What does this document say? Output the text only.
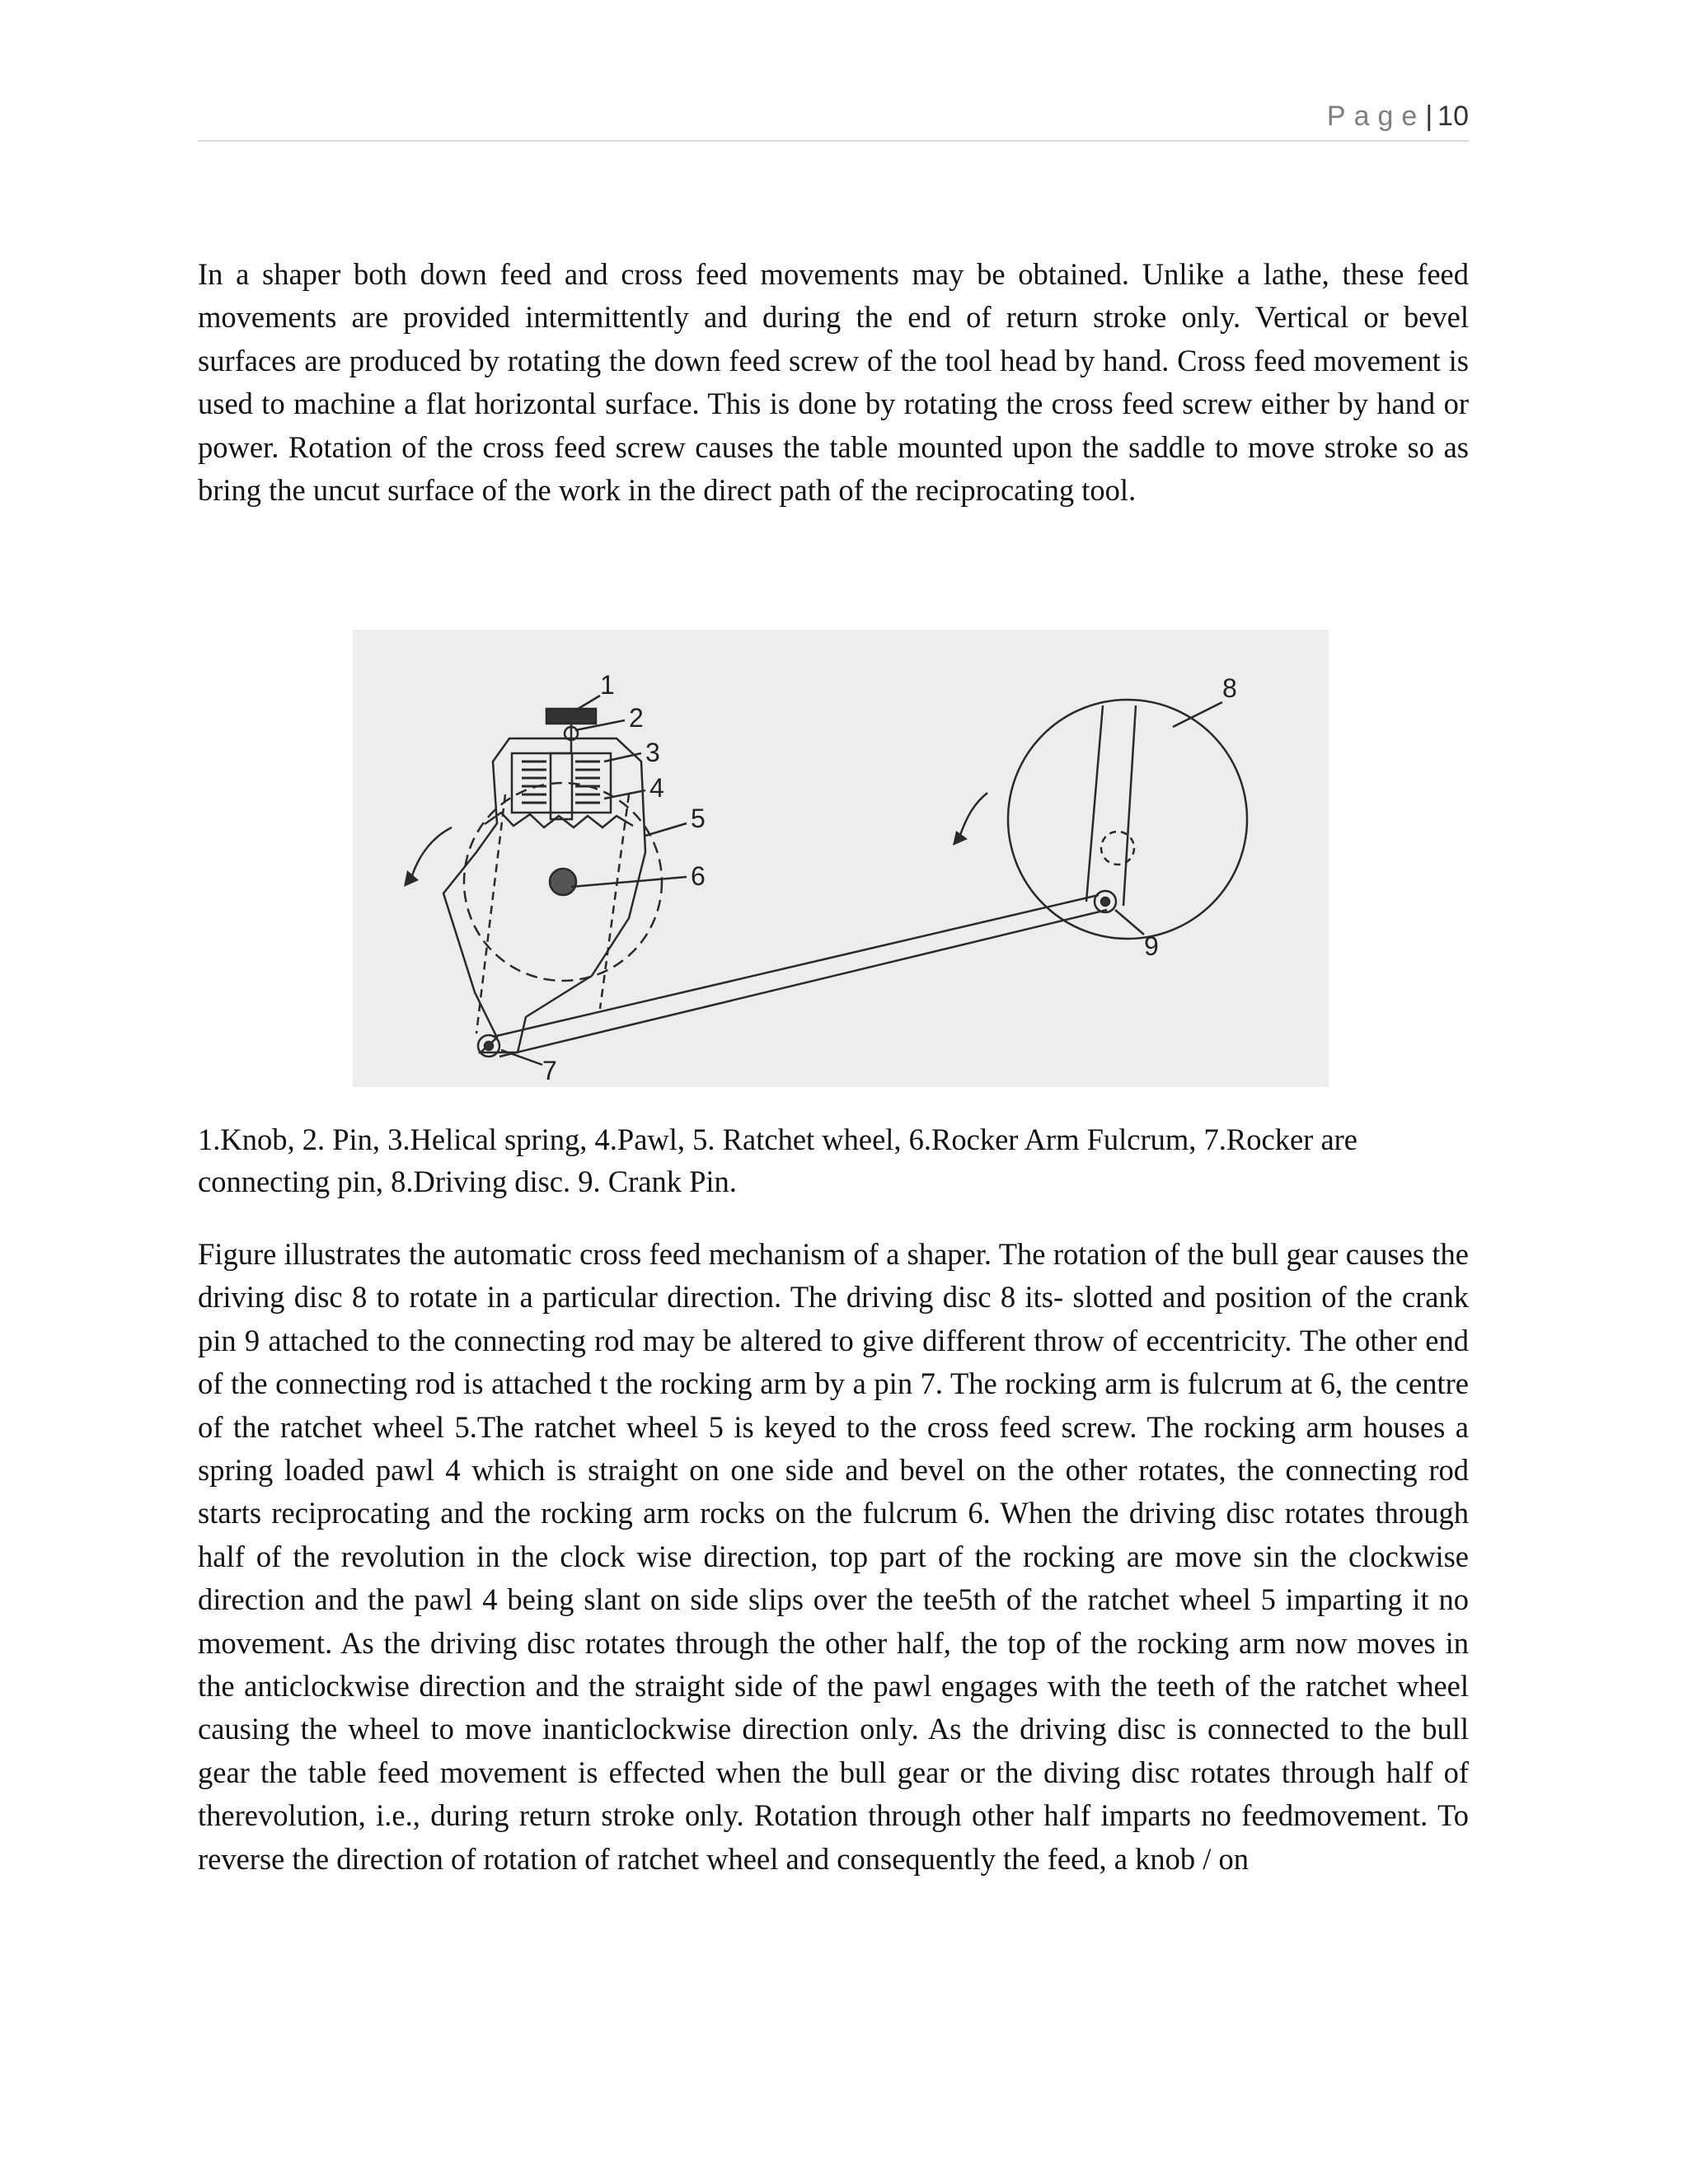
Page| 10

In a shaper both down feed and cross feed movements may be obtained. Unlike a lathe, these feed movements are provided intermittently and during the end of return stroke only. Vertical or bevel surfaces are produced by rotating the down feed screw of the tool head by hand. Cross feed movement is used to machine a flat horizontal surface. This is done by rotating the cross feed screw either by hand or power. Rotation of the cross feed screw causes the table mounted upon the saddle to move stroke so as bring the uncut surface of the work in the direct path of the reciprocating tool.

1
2
3
4
5
6
7
8
9

1.Knob, 2. Pin, 3.Helical spring, 4.Pawl, 5. Ratchet wheel, 6.Rocker Arm Fulcrum, 7.Rocker are connecting pin, 8.Driving disc. 9. Crank Pin.

Figure illustrates the automatic cross feed mechanism of a shaper. The rotation of the bull gear causes the driving disc 8 to rotate in a particular direction. The driving disc 8 its- slotted and position of the crank pin 9 attached to the connecting rod may be altered to give different throw of eccentricity. The other end of the connecting rod is attached t the rocking arm by a pin 7. The rocking arm is fulcrum at 6, the centre of the ratchet wheel 5.The ratchet wheel 5 is keyed to the cross feed screw. The rocking arm houses a spring loaded pawl 4 which is straight on one side and bevel on the other rotates, the connecting rod starts reciprocating and the rocking arm rocks on the fulcrum 6. When the driving disc rotates through half of the revolution in the clock wise direction, top part of the rocking are move sin the clockwise direction and the pawl 4 being slant on side slips over the tee5th of the ratchet wheel 5 imparting it no movement. As the driving disc rotates through the other half, the top of the rocking arm now moves in the anticlockwise direction and the straight side of the pawl engages with the teeth of the ratchet wheel causing the wheel to move inanticlockwise direction only. As the driving disc is connected to the bull gear the table feed movement is effected when the bull gear or the diving disc rotates through half of therevolution, i.e., during return stroke only. Rotation through other half imparts no feedmovement. To reverse the direction of rotation of ratchet wheel and consequently the feed, a knob / on
